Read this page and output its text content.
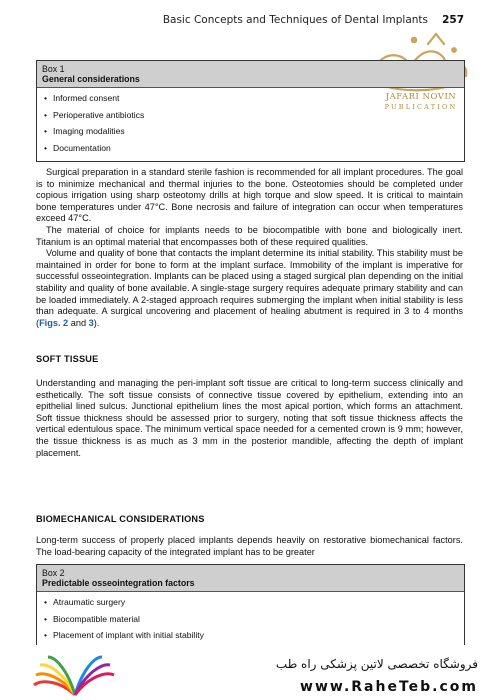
Basic Concepts and Techniques of Dental Implants 257
JAFARI NOVIN
PUBLICATION
Box 1
General considerations
• Informed consent
• Perioperative antibiotics
• Imaging modalities
• Documentation

Surgical preparation in a standard sterile fashion is recommended for all implant procedures. The goal is to minimize mechanical and thermal injuries to the bone. Osteotomies should be completed under copious irrigation using sharp osteotomy drills at high torque and slow speed. It is critical to maintain bone temperatures under 47°C. Bone necrosis and failure of integration can occur when temperatures exceed 47°C.

The material of choice for implants needs to be biocompatible with bone and biologically inert. Titanium is an optimal material that encompasses both of these required qualities.

Volume and quality of bone that contacts the implant determine its initial stability. This stability must be maintained in order for bone to form at the implant surface. Immobility of the implant is imperative for successful osseointegration. Implants can be placed using a staged surgical plan depending on the initial stability and quality of bone available. A single-stage surgery requires adequate primary stability and can be loaded immediately. A 2-staged approach requires submerging the implant when initial stability is less than adequate. A surgical uncovering and placement of healing abutment is required in 3 to 4 months (Figs. 2 and 3).

SOFT TISSUE

Understanding and managing the peri-implant soft tissue are critical to long-term success clinically and esthetically. The soft tissue consists of connective tissue covered by epithelium, extending into an epithelial lined sulcus. Junctional epithelium lines the most apical portion, which forms an attachment. Soft tissue thickness should be assessed prior to surgery, noting that soft tissue thickness affects the vertical edentulous space. The minimum vertical space needed for a cemented crown is 9 mm; however, the tissue thickness is as much as 3 mm in the posterior mandible, affecting the depth of implant placement.

BIOMECHANICAL CONSIDERATIONS

Long-term success of properly placed implants depends heavily on restorative biomechanical factors. The load-bearing capacity of the integrated implant has to be greater

Box 2
Predictable osseointegration factors
• Atraumatic surgery
• Biocompatible material
• Placement of implant with initial stability
•
فروشگاه تخصصی لاتین پزشکی راه طب
www.RaheTeb.com
